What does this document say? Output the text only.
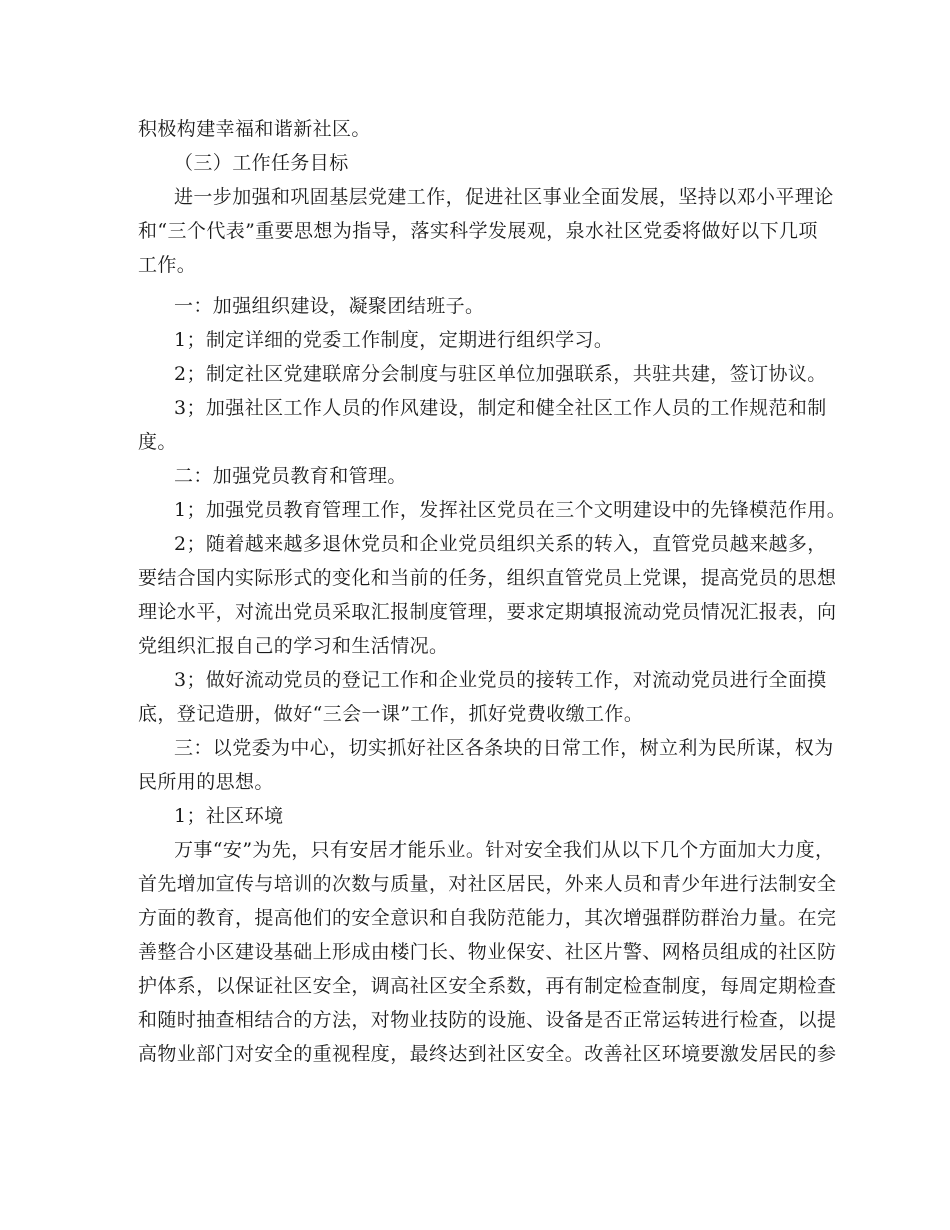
积极构建幸福和谐新社区。
（三）工作任务目标
进一步加强和巩固基层党建工作，促进社区事业全面发展，坚持以邓小平理论
和“三个代表”重要思想为指导，落实科学发展观，泉水社区党委将做好以下几项
工作。
一：加强组织建设，凝聚团结班子。
1；制定详细的党委工作制度，定期进行组织学习。
2；制定社区党建联席分会制度与驻区单位加强联系，共驻共建，签订协议。
3；加强社区工作人员的作风建设，制定和健全社区工作人员的工作规范和制
度。
二：加强党员教育和管理。
1；加强党员教育管理工作，发挥社区党员在三个文明建设中的先锋模范作用。
2；随着越来越多退休党员和企业党员组织关系的转入，直管党员越来越多，
要结合国内实际形式的变化和当前的任务，组织直管党员上党课，提高党员的思想
理论水平，对流出党员采取汇报制度管理，要求定期填报流动党员情况汇报表，向
党组织汇报自己的学习和生活情况。
3；做好流动党员的登记工作和企业党员的接转工作，对流动党员进行全面摸
底，登记造册，做好“三会一课”工作，抓好党费收缴工作。
三：以党委为中心，切实抓好社区各条块的日常工作，树立利为民所谋，权为
民所用的思想。
1；社区环境
万事“安”为先，只有安居才能乐业。针对安全我们从以下几个方面加大力度，
首先增加宣传与培训的次数与质量，对社区居民，外来人员和青少年进行法制安全
方面的教育，提高他们的安全意识和自我防范能力，其次增强群防群治力量。在完
善整合小区建设基础上形成由楼门长、物业保安、社区片警、网格员组成的社区防
护体系，以保证社区安全，调高社区安全系数，再有制定检查制度，每周定期检查
和随时抽查相结合的方法，对物业技防的设施、设备是否正常运转进行检查，以提
高物业部门对安全的重视程度，最终达到社区安全。改善社区环境要激发居民的参
